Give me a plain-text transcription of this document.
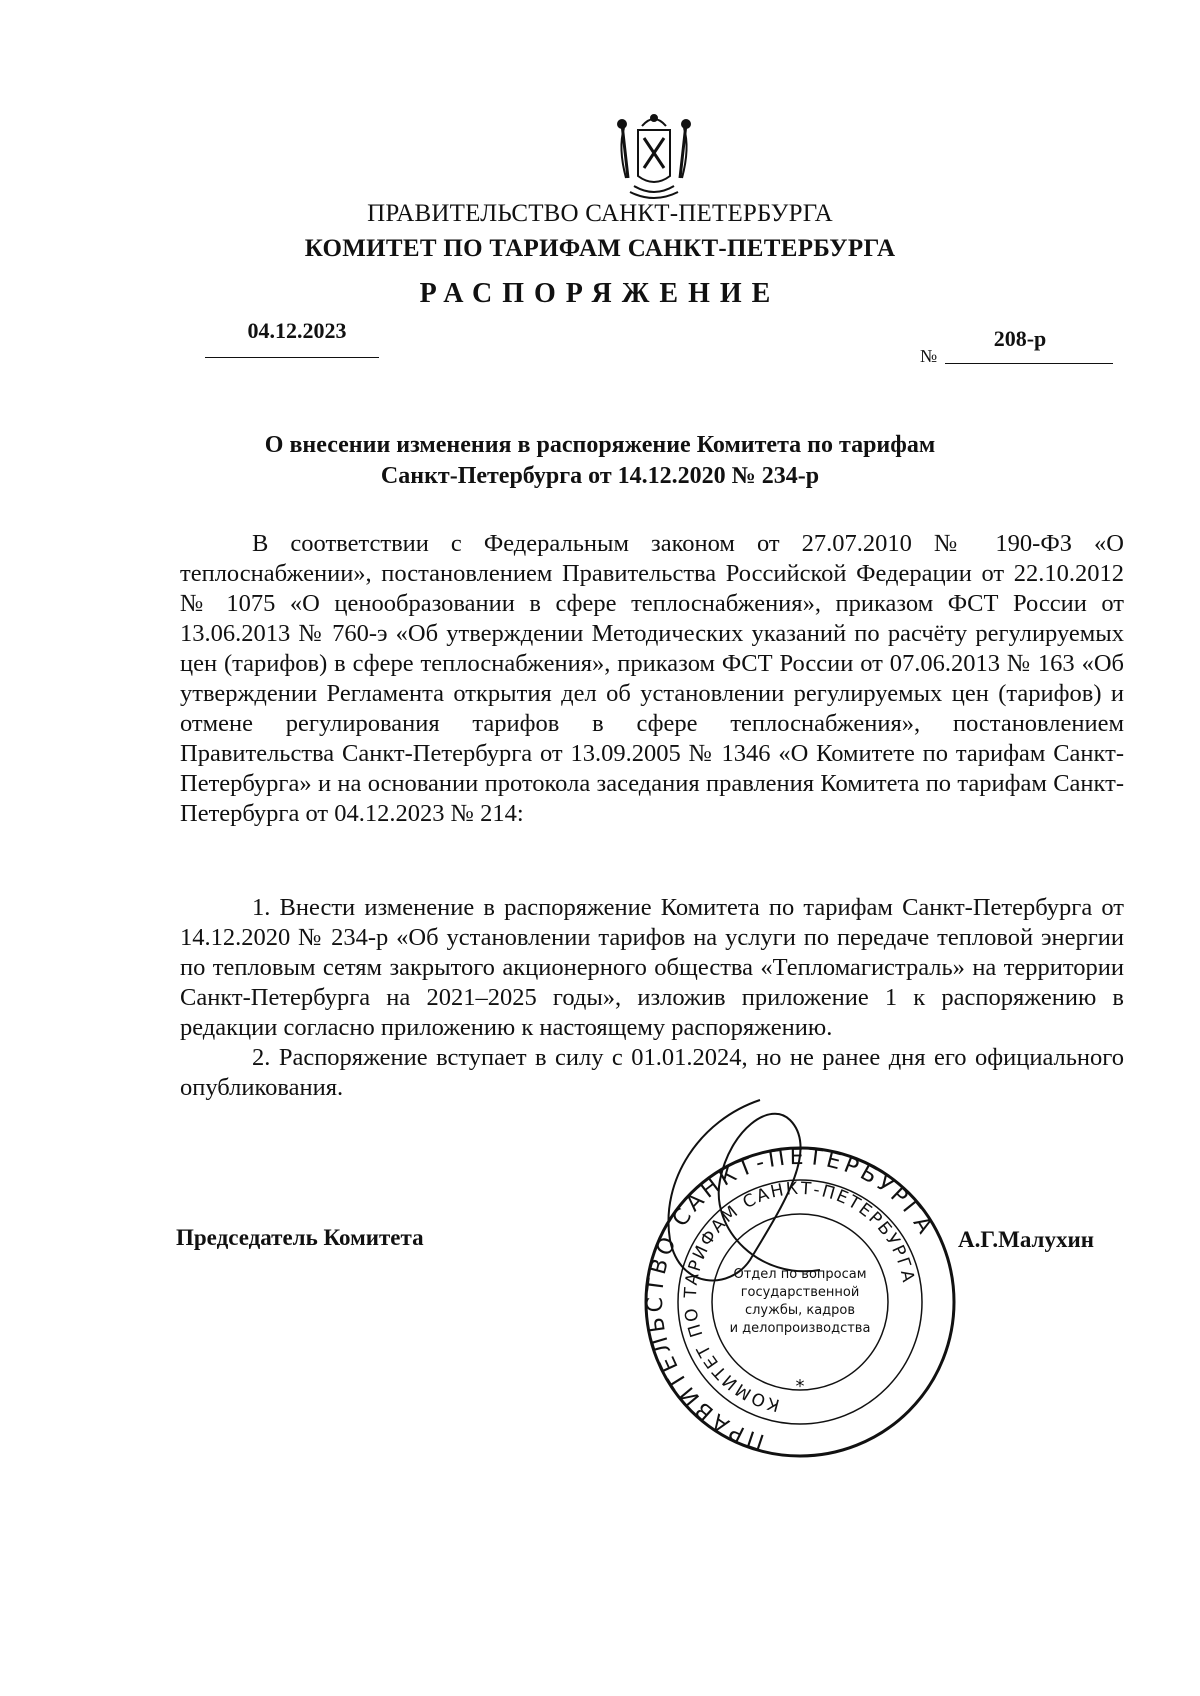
ПРАВИТЕЛЬСТВО САНКТ-ПЕТЕРБУРГА
КОМИТЕТ ПО ТАРИФАМ САНКТ-ПЕТЕРБУРГА
РАСПОРЯЖЕНИЕ
04.12.2023
№
208-р
О внесении изменения в распоряжение Комитета по тарифам
Санкт-Петербурга от 14.12.2020 № 234-р

В соответствии с Федеральным законом от 27.07.2010 № 190-ФЗ «О теплоснабжении», постановлением Правительства Российской Федерации от 22.10.2012 № 1075 «О ценообразовании в сфере теплоснабжения», приказом ФСТ России от 13.06.2013 № 760-э «Об утверждении Методических указаний по расчёту регулируемых цен (тарифов) в сфере теплоснабжения», приказом ФСТ России от 07.06.2013 № 163 «Об утверждении Регламента открытия дел об установлении регулируемых цен (тарифов) и отмене регулирования тарифов в сфере теплоснабжения», постановлением Правительства Санкт-Петербурга от 13.09.2005 № 1346 «О Комитете по тарифам Санкт-Петербурга» и на основании протокола заседания правления Комитета по тарифам Санкт-Петербурга от 04.12.2023 № 214:

1. Внести изменение в распоряжение Комитета по тарифам Санкт-Петербурга от 14.12.2020 № 234-р «Об установлении тарифов на услуги по передаче тепловой энергии по тепловым сетям закрытого акционерного общества «Тепломагистраль» на территории Санкт-Петербурга на 2021–2025 годы», изложив приложение 1 к распоряжению в редакции согласно приложению к настоящему распоряжению.

2. Распоряжение вступает в силу с 01.01.2024, но не ранее дня его официального опубликования.

Председатель Комитета	А.Г.Малухин
ПРАВИТЕЛЬСТВО САНКТ-ПЕТЕРБУРГА
КОМИТЕТ ПО ТАРИФАМ САНКТ-ПЕТЕРБУРГА
Отдел по вопросам
государственной
службы, кадров
и делопроизводства
*
